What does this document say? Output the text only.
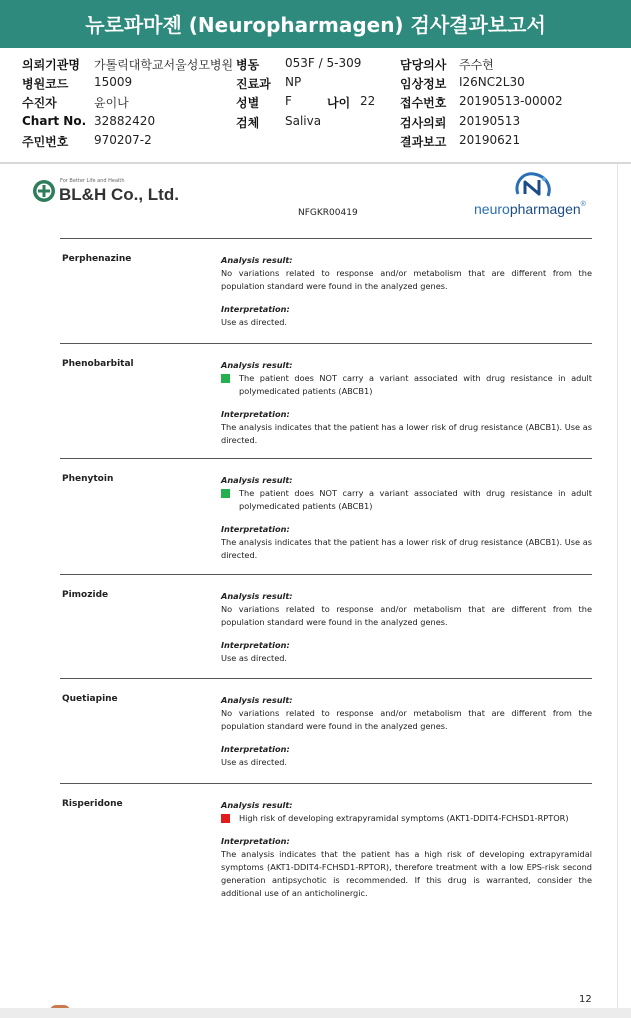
뉴로파마젠 (Neuropharmagen) 검사결과보고서
의뢰기관명 가톨릭대학교서울성모병원 병동 053F / 5-309	담당의사 주수현
병원코드 15009	진료과 NP	임상정보 I26NC2L30
수진자	윤이나	성별 F	나이 22 접수번호 20190513-00002
Chart No. 32882420	검체 Saliva	검사의뢰 20190513
주민번호 970207-2	결과보고 20190621
For Better Life and Health
BL&H Co., Ltd.
neuropharmagen®
NFGKR00419
Perphenazine	Analysis result:

No variations related to response and/or metabolism that are different from the population standard were found in the analyzed genes.

Interpretation:

Use as directed.

Phenobarbital	Analysis result:

The patient does NOT carry a variant associated with drug resistance in adult polymedicated patients (ABCB1)

Interpretation:

The analysis indicates that the patient has a lower risk of drug resistance (ABCB1). Use as directed.

Phenytoin	Analysis result:

The patient does NOT carry a variant associated with drug resistance in adult polymedicated patients (ABCB1)

Interpretation:

The analysis indicates that the patient has a lower risk of drug resistance (ABCB1). Use as directed.

Pimozide	Analysis result:

No variations related to response and/or metabolism that are different from the population standard were found in the analyzed genes.

Interpretation:

Use as directed.

Quetiapine	Analysis result:

No variations related to response and/or metabolism that are different from the population standard were found in the analyzed genes.

Interpretation:

Use as directed.

Risperidone	Analysis result:

High risk of developing extrapyramidal symptoms (AKT1-DDIT4-FCHSD1-RPTOR)

Interpretation:

The analysis indicates that the patient has a high risk of developing extrapyramidal symptoms (AKT1-DDIT4-FCHSD1-RPTOR), therefore treatment with a low EPS-risk second generation antipsychotic is recommended. If this drug is warranted, consider the additional use of an anticholinergic.

12
